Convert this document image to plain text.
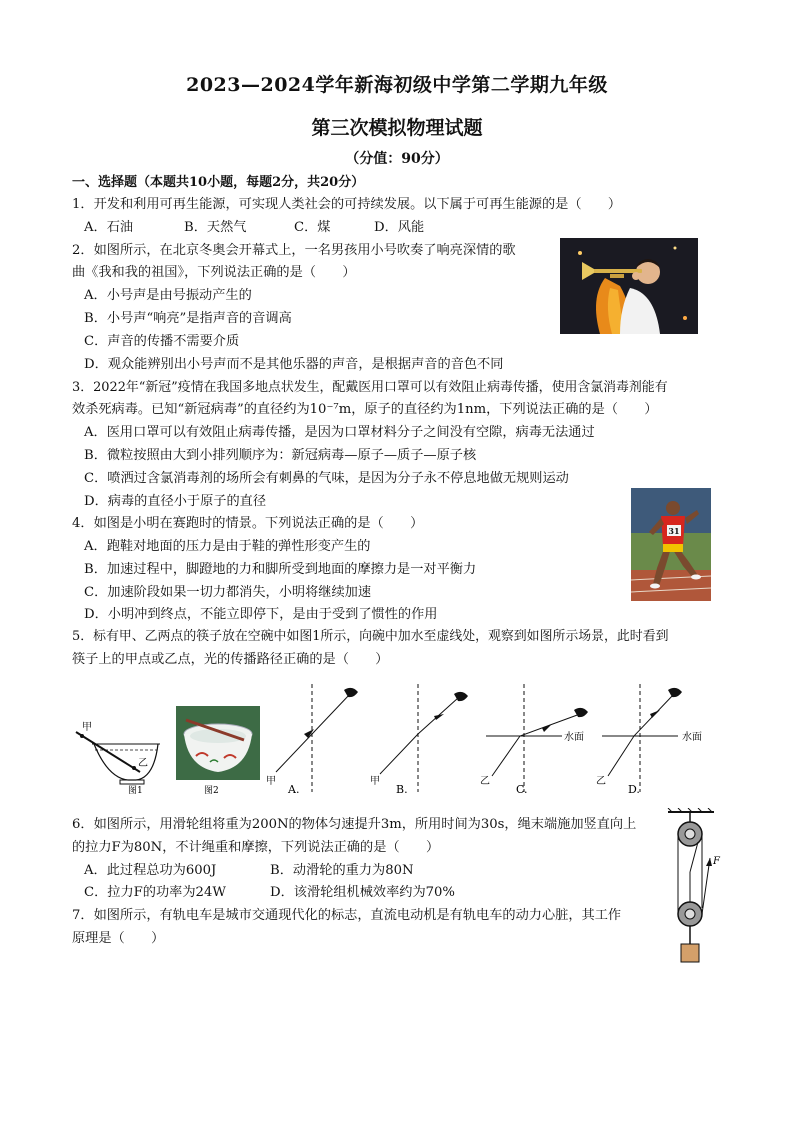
2023—2024学年新海初级中学第二学期九年级
第三次模拟物理试题
（分值：90分）
一、选择题（本题共10小题，每题2分，共20分）
1．开发和利用可再生能源，可实现人类社会的可持续发展。以下属于可再生能源的是（　　）
A．石油	B．天然气	C．煤	D．风能
2．如图所示，在北京冬奥会开幕式上，一名男孩用小号吹奏了响亮深情的歌
曲《我和我的祖国》，下列说法正确的是（　　）
A．小号声是由号振动产生的
B．小号声“响亮”是指声音的音调高
C．声音的传播不需要介质
D．观众能辨别出小号声而不是其他乐器的声音，是根据声音的音色不同
3．2022年“新冠”疫情在我国多地点状发生，配戴医用口罩可以有效阻止病毒传播，使用含氯消毒剂能有
效杀死病毒。已知“新冠病毒”的直径约为10⁻⁷m，原子的直径约为1nm，下列说法正确的是（　　）
A．医用口罩可以有效阻止病毒传播，是因为口罩材料分子之间没有空隙，病毒无法通过
B．微粒按照由大到小排列顺序为：新冠病毒—原子—质子—原子核
C．喷洒过含氯消毒剂的场所会有刺鼻的气味，是因为分子永不停息地做无规则运动
D．病毒的直径小于原子的直径
4．如图是小明在赛跑时的情景。下列说法正确的是（　　）
A．跑鞋对地面的压力是由于鞋的弹性形变产生的
B．加速过程中，脚蹬地的力和脚所受到地面的摩擦力是一对平衡力
C．加速阶段如果一切力都消失，小明将继续加速
D．小明冲到终点，不能立即停下，是由于受到了惯性的作用
31
5．标有甲、乙两点的筷子放在空碗中如图1所示，向碗中加水至虚线处，观察到如图所示场景，此时看到
筷子上的甲点或乙点，光的传播路径正确的是（　　）
甲
乙
图1	图2
甲
A.
甲
B.
水面
乙
C.
水面
乙
D.
6．如图所示，用滑轮组将重为200N的物体匀速提升3m，所用时间为30s，绳末端施加竖直向上
的拉力F为80N，不计绳重和摩擦，下列说法正确的是（　　）
A．此过程总功为600J	B．动滑轮的重力为80N
C．拉力F的功率为24W	D．该滑轮组机械效率约为70%
F
7．如图所示，有轨电车是城市交通现代化的标志，直流电动机是有轨电车的动力心脏，其工作
原理是（　　）
